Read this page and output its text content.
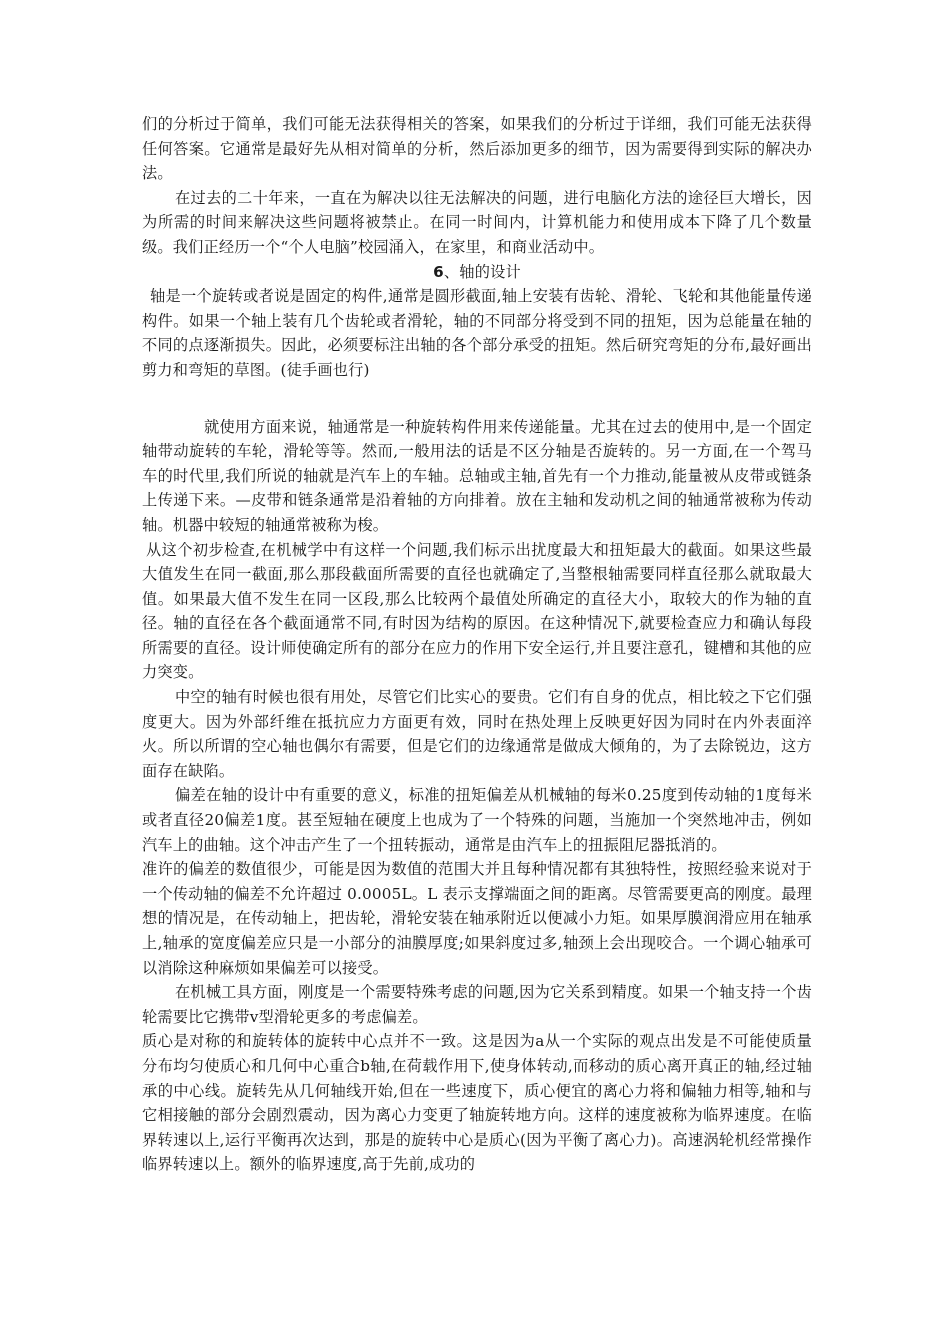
们的分析过于简单，我们可能无法获得相关的答案，如果我们的分析过于详细，我们可能无法获得任何答案。它通常是最好先从相对简单的分析，然后添加更多的细节，因为需要得到实际的解决办法。

在过去的二十年来，一直在为解决以往无法解决的问题，进行电脑化方法的途径巨大增长，因为所需的时间来解决这些问题将被禁止。在同一时间内，计算机能力和使用成本下降了几个数量级。我们正经历一个“个人电脑”校园涌入，在家里，和商业活动中。

6、轴的设计

轴是一个旋转或者说是固定的构件,通常是圆形截面,轴上安装有齿轮、滑轮、飞轮和其他能量传递构件。如果一个轴上装有几个齿轮或者滑轮，轴的不同部分将受到不同的扭矩，因为总能量在轴的不同的点逐渐损失。因此，必须要标注出轴的各个部分承受的扭矩。然后研究弯矩的分布,最好画出剪力和弯矩的草图。(徒手画也行)

就使用方面来说，轴通常是一种旋转构件用来传递能量。尤其在过去的使用中,是一个固定轴带动旋转的车轮，滑轮等等。然而,一般用法的话是不区分轴是否旋转的。另一方面,在一个驾马车的时代里,我们所说的轴就是汽车上的车轴。总轴或主轴,首先有一个力推动,能量被从皮带或链条上传递下来。—皮带和链条通常是沿着轴的方向排着。放在主轴和发动机之间的轴通常被称为传动轴。机器中较短的轴通常被称为梭。

从这个初步检查,在机械学中有这样一个问题,我们标示出扰度最大和扭矩最大的截面。如果这些最大值发生在同一截面,那么那段截面所需要的直径也就确定了,当整根轴需要同样直径那么就取最大值。如果最大值不发生在同一区段,那么比较两个最值处所确定的直径大小，取较大的作为轴的直径。轴的直径在各个截面通常不同,有时因为结构的原因。在这种情况下,就要检查应力和确认每段所需要的直径。设计师使确定所有的部分在应力的作用下安全运行,并且要注意孔，键槽和其他的应力突变。

中空的轴有时候也很有用处，尽管它们比实心的要贵。它们有自身的优点，相比较之下它们强度更大。因为外部纤维在抵抗应力方面更有效，同时在热处理上反映更好因为同时在内外表面淬火。所以所谓的空心轴也偶尔有需要，但是它们的边缘通常是做成大倾角的，为了去除锐边，这方面存在缺陷。

偏差在轴的设计中有重要的意义，标准的扭矩偏差从机械轴的每米0.25度到传动轴的1度每米或者直径20偏差1度。甚至短轴在硬度上也成为了一个特殊的问题，当施加一个突然地冲击，例如汽车上的曲轴。这个冲击产生了一个扭转振动，通常是由汽车上的扭振阻尼器抵消的。

准许的偏差的数值很少，可能是因为数值的范围大并且每种情况都有其独特性，按照经验来说对于一个传动轴的偏差不允许超过 0.0005L。L 表示支撑端面之间的距离。尽管需要更高的刚度。最理想的情况是，在传动轴上，把齿轮，滑轮安装在轴承附近以便减小力矩。如果厚膜润滑应用在轴承上,轴承的宽度偏差应只是一小部分的油膜厚度;如果斜度过多,轴颈上会出现咬合。一个调心轴承可以消除这种麻烦如果偏差可以接受。

在机械工具方面，刚度是一个需要特殊考虑的问题,因为它关系到精度。如果一个轴支持一个齿轮需要比它携带v型滑轮更多的考虑偏差。

质心是对称的和旋转体的旋转中心点并不一致。这是因为a从一个实际的观点出发是不可能使质量分布均匀使质心和几何中心重合b轴,在荷载作用下,使身体转动,而移动的质心离开真正的轴,经过轴承的中心线。旋转先从几何轴线开始,但在一些速度下，质心便宜的离心力将和偏轴力相等,轴和与它相接触的部分会剧烈震动，因为离心力变更了轴旋转地方向。这样的速度被称为临界速度。在临界转速以上,运行平衡再次达到，那是的旋转中心是质心(因为平衡了离心力)。高速涡轮机经常操作临界转速以上。额外的临界速度,高于先前,成功的
